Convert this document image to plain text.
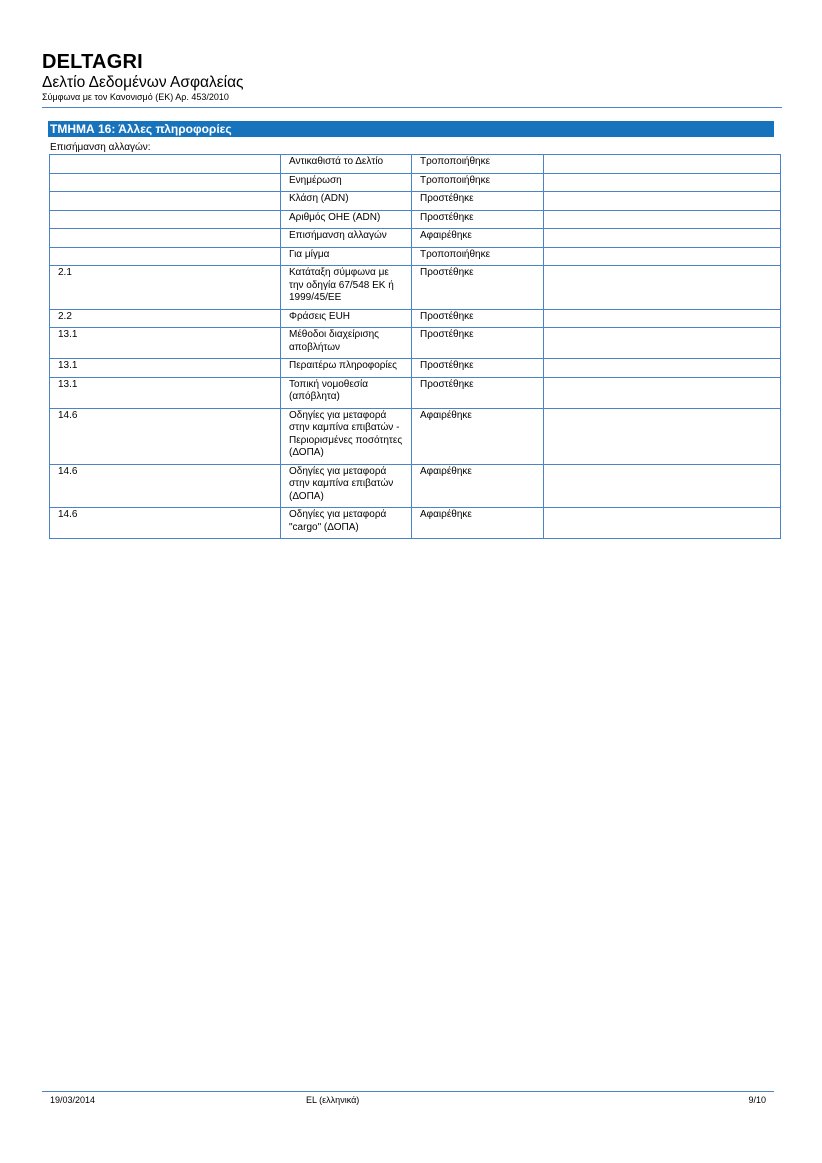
DELTAGRI
Δελτίο Δεδομένων Ασφαλείας
Σύμφωνα με τον Κανονισμό (ΕΚ) Αρ. 453/2010
ΤΜΗΜΑ 16: Άλλες πληροφορίες
Επισήμανση αλλαγών:
	Αντικαθιστά το Δελτίο	Τροποποιήθηκε	
	Ενημέρωση	Τροποποιήθηκε	
	Κλάση (ADN)	Προστέθηκε	
	Αριθμός ΟΗΕ (ADN)	Προστέθηκε	
	Επισήμανση αλλαγών	Αφαιρέθηκε	
	Για μίγμα	Τροποποιήθηκε	
2.1	Κατάταξη σύμφωνα με την οδηγία 67/548 ΕΚ ή 1999/45/ΕΕ	Προστέθηκε	
2.2	Φράσεις EUH	Προστέθηκε	
13.1	Μέθοδοι διαχείρισης αποβλήτων	Προστέθηκε	
13.1	Περαιτέρω πληροφορίες	Προστέθηκε	
13.1	Τοπική νομοθεσία (απόβλητα)	Προστέθηκε	
14.6	Οδηγίες για μεταφορά στην καμπίνα επιβατών - Περιορισμένες ποσότητες (ΔΟΠΑ)	Αφαιρέθηκε	
14.6	Οδηγίες για μεταφορά στην καμπίνα επιβατών (ΔΟΠΑ)	Αφαιρέθηκε	
14.6	Οδηγίες για μεταφορά "cargo" (ΔΟΠΑ)	Αφαιρέθηκε	
19/03/2014	EL (ελληνικά)	9/10
